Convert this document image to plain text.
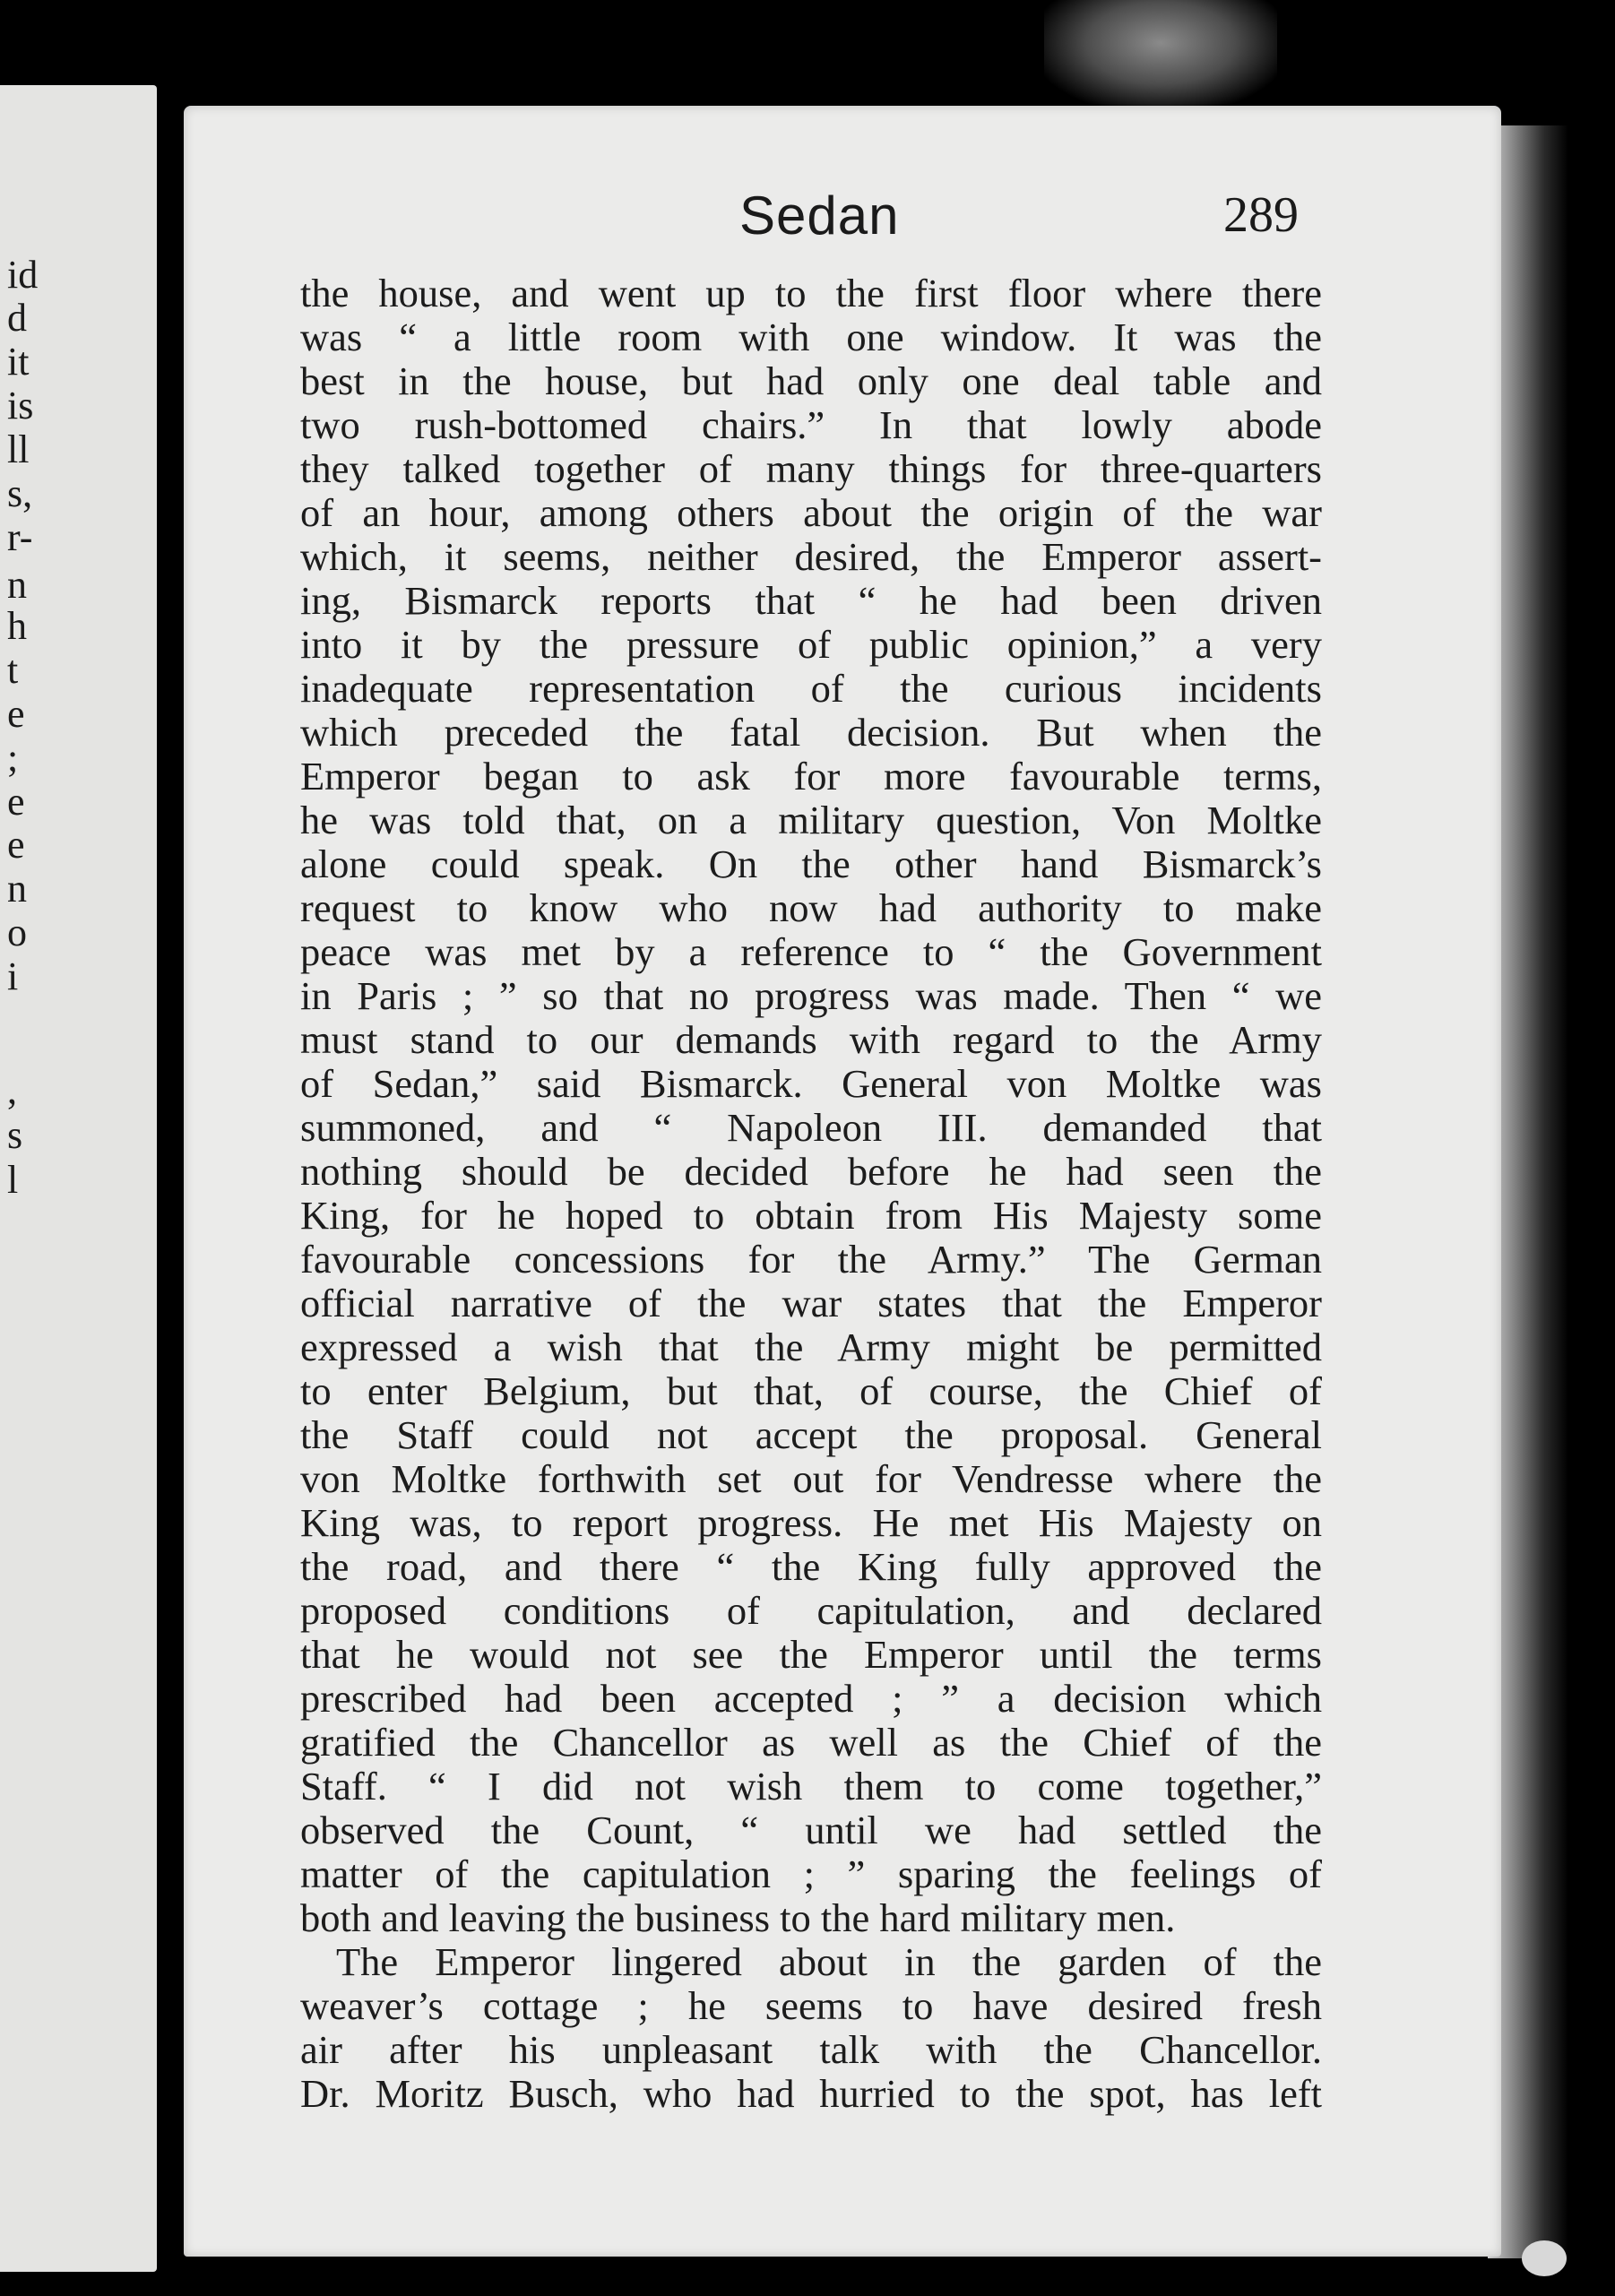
id
d
it
is
ll
s,
r-
n
h
t
e
;
e
e
n
o
i
,
s
l
Sedan	289
the house, and went up to the first floor where there
was “ a little room with one window. It was the
best in the house, but had only one deal table and
two rush-bottomed chairs.” In that lowly abode
they talked together of many things for three-quarters
of an hour, among others about the origin of the war
which, it seems, neither desired, the Emperor assert-
ing, Bismarck reports that “ he had been driven
into it by the pressure of public opinion,” a very
inadequate representation of the curious incidents
which preceded the fatal decision. But when the
Emperor began to ask for more favourable terms,
he was told that, on a military question, Von Moltke
alone could speak. On the other hand Bismarck’s
request to know who now had authority to make
peace was met by a reference to “ the Government
in Paris ; ” so that no progress was made. Then “ we
must stand to our demands with regard to the Army
of Sedan,” said Bismarck. General von Moltke was
summoned, and “ Napoleon III. demanded that
nothing should be decided before he had seen the
King, for he hoped to obtain from His Majesty some
favourable concessions for the Army.” The German
official narrative of the war states that the Emperor
expressed a wish that the Army might be permitted
to enter Belgium, but that, of course, the Chief of
the Staff could not accept the proposal. General
von Moltke forthwith set out for Vendresse where the
King was, to report progress. He met His Majesty on
the road, and there “ the King fully approved the
proposed conditions of capitulation, and declared
that he would not see the Emperor until the terms
prescribed had been accepted ; ” a decision which
gratified the Chancellor as well as the Chief of the
Staff. “ I did not wish them to come together,”
observed the Count, “ until we had settled the
matter of the capitulation ; ” sparing the feelings of
both and leaving the business to the hard military men.
The Emperor lingered about in the garden of the
weaver’s cottage ; he seems to have desired fresh
air after his unpleasant talk with the Chancellor.
Dr. Moritz Busch, who had hurried to the spot, has left
